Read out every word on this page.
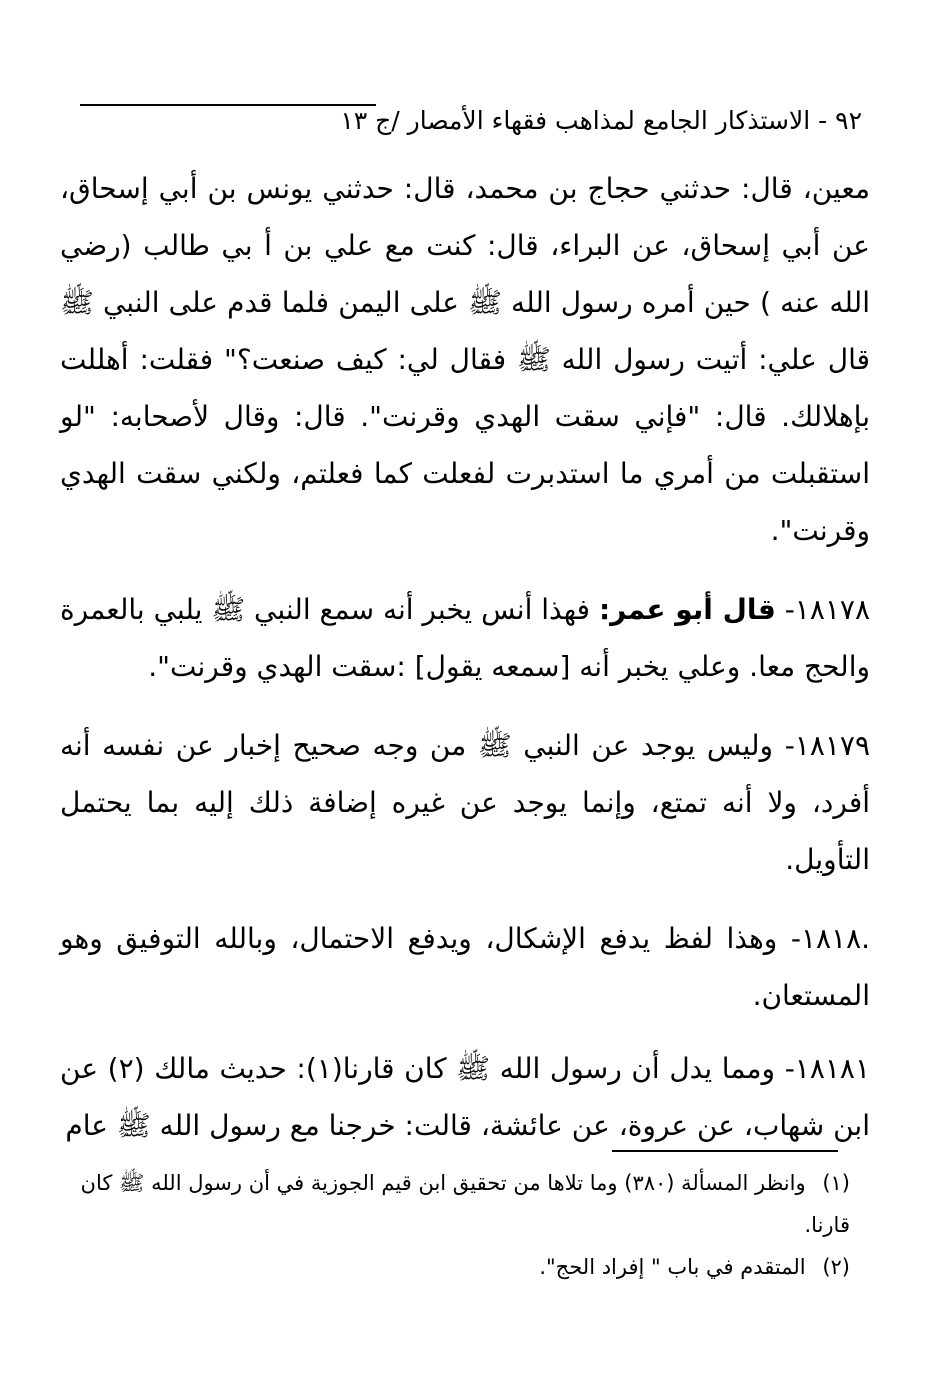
٩٢ - الاستذكار الجامع لمذاهب فقهاء الأمصار /ج ١٣

معين، قال: حدثني حجاج بن محمد، قال: حدثني يونس بن أبي إسحاق، عن أبي إسحاق، عن البراء، قال: كنت مع علي بن أ بي طالب (رضي الله عنه ) حين أمره رسول الله ﷺ على اليمن فلما قدم على النبي ﷺ قال علي: أتيت رسول الله ﷺ فقال لي: كيف صنعت؟" فقلت: أهللت بإهلالك. قال: "فإني سقت الهدي وقرنت". قال: وقال لأصحابه: "لو استقبلت من أمري ما استدبرت لفعلت كما فعلتم، ولكني سقت الهدي وقرنت".

١٨١٧٨- قال أبو عمر: فهذا أنس يخبر أنه سمع النبي ﷺ يلبي بالعمرة والحج معا. وعلي يخبر أنه [سمعه يقول] :سقت الهدي وقرنت".

١٨١٧٩- وليس يوجد عن النبي ﷺ من وجه صحيح إخبار عن نفسه أنه أفرد، ولا أنه تمتع، وإنما يوجد عن غيره إضافة ذلك إليه بما يحتمل التأويل.

.١٨١٨- وهذا لفظ يدفع الإشكال، ويدفع الاحتمال، وبالله التوفيق وهو المستعان.

١٨١٨١- ومما يدل أن رسول الله ﷺ كان قارنا(١): حديث مالك (٢) عن ابن شهاب، عن عروة، عن عائشة، قالت: خرجنا مع رسول الله ﷺ عام

(١) وانظر المسألة (٣٨٠) وما تلاها من تحقيق ابن قيم الجوزية في أن رسول الله ﷺ كان قارنا.

(٢) المتقدم في باب " إفراد الحج".
